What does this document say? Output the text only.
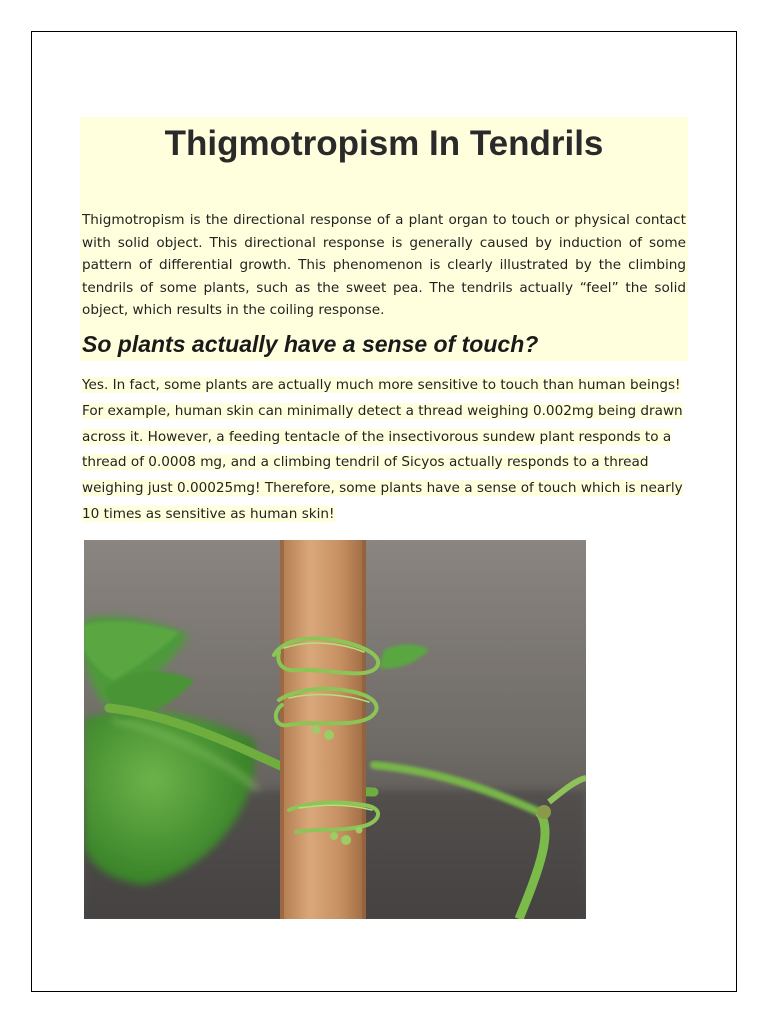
Thigmotropism In Tendrils

Thigmotropism is the directional response of a plant organ to touch or physical contact with solid object. This directional response is generally caused by induction of some pattern of differential growth. This phenomenon is clearly illustrated by the climbing tendrils of some plants, such as the sweet pea. The tendrils actually “feel” the solid object, which results in the coiling response.

So plants actually have a sense of touch?

Yes. In fact, some plants are actually much more sensitive to touch than human beings! For example, human skin can minimally detect a thread weighing 0.002mg being drawn across it. However, a feeding tentacle of the insectivorous sundew plant responds to a thread of 0.0008 mg, and a climbing tendril of Sicyos actually responds to a thread weighing just 0.00025mg! Therefore, some plants have a sense of touch which is nearly 10 times as sensitive as human skin!
